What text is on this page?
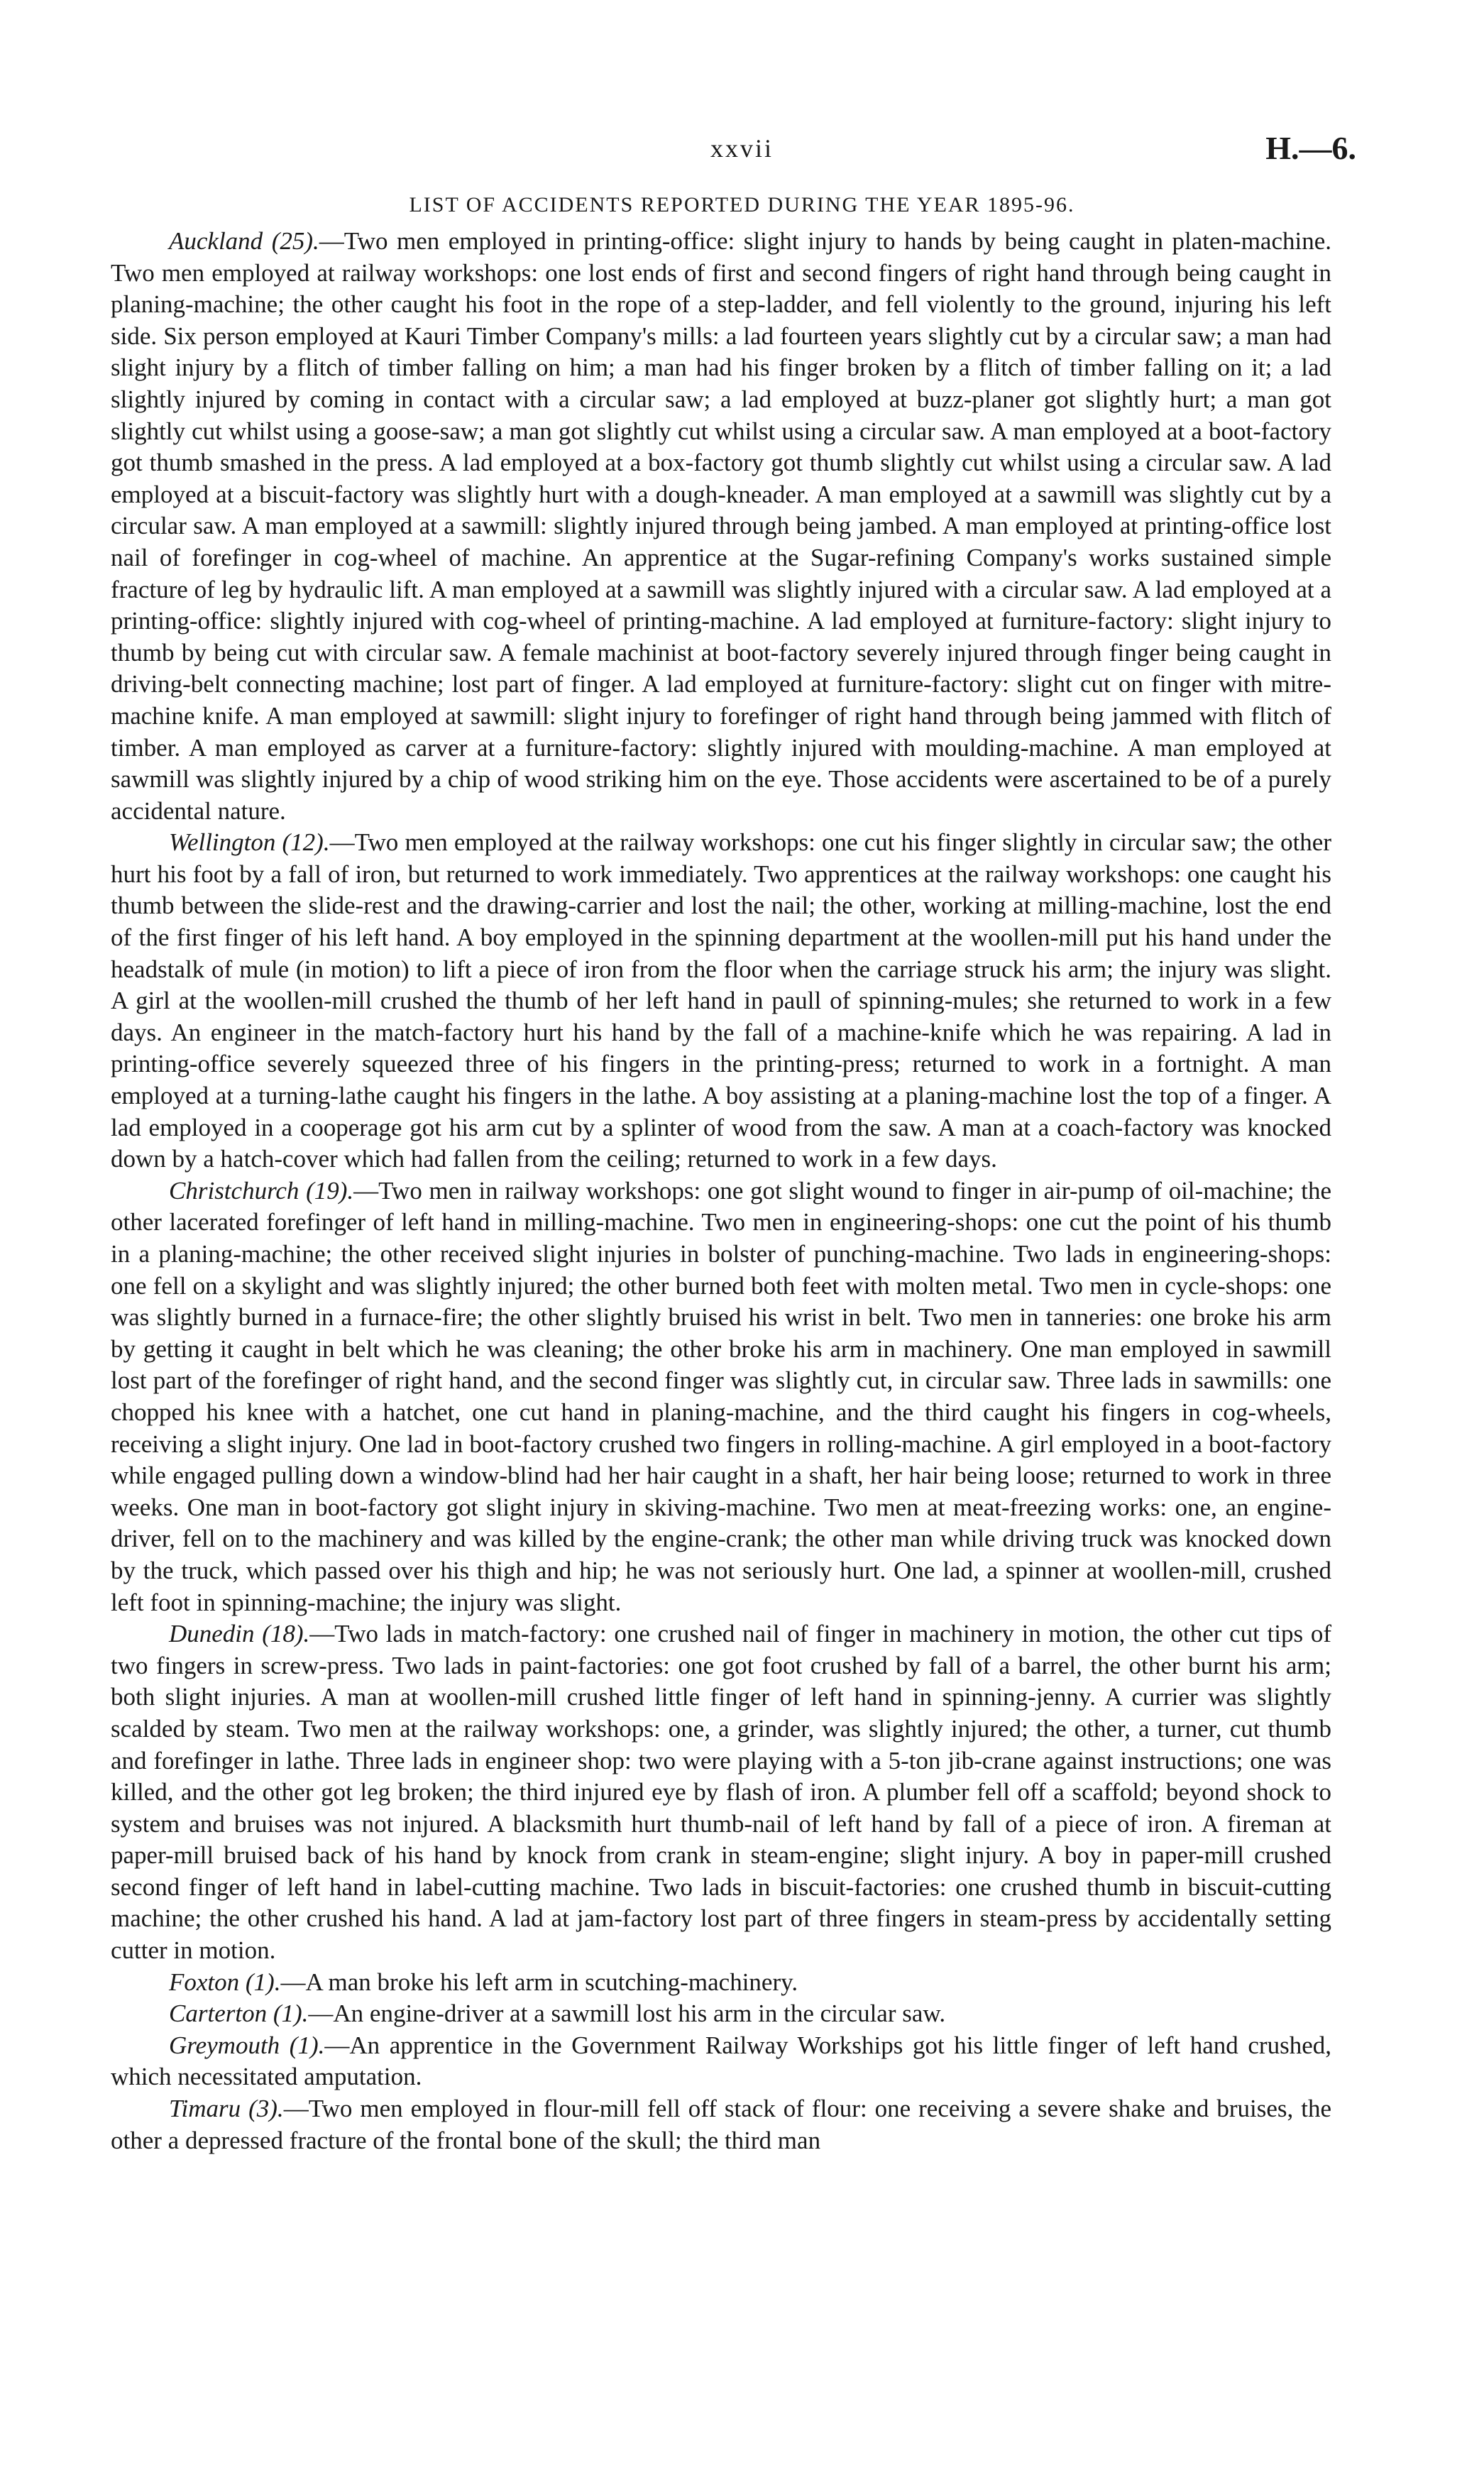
xxvii	H.—6.
LIST OF ACCIDENTS REPORTED DURING THE YEAR 1895-96.

Auckland (25).—Two men employed in printing-office: slight injury to hands by being caught in platen-machine. Two men employed at railway workshops: one lost ends of first and second fingers of right hand through being caught in planing-machine; the other caught his foot in the rope of a step-ladder, and fell violently to the ground, injuring his left side. Six person employed at Kauri Timber Company's mills: a lad fourteen years slightly cut by a circular saw; a man had slight injury by a flitch of timber falling on him; a man had his finger broken by a flitch of timber falling on it; a lad slightly injured by coming in contact with a circular saw; a lad employed at buzz-planer got slightly hurt; a man got slightly cut whilst using a goose-saw; a man got slightly cut whilst using a circular saw. A man employed at a boot-factory got thumb smashed in the press. A lad employed at a box-factory got thumb slightly cut whilst using a circular saw. A lad employed at a biscuit-factory was slightly hurt with a dough-kneader. A man employed at a sawmill was slightly cut by a circular saw. A man employed at a sawmill: slightly injured through being jambed. A man employed at printing-office lost nail of forefinger in cog-wheel of machine. An apprentice at the Sugar-refining Company's works sustained simple fracture of leg by hydraulic lift. A man employed at a sawmill was slightly injured with a circular saw. A lad employed at a printing-office: slightly injured with cog-wheel of printing-machine. A lad employed at furniture-factory: slight injury to thumb by being cut with circular saw. A female machinist at boot-factory severely injured through finger being caught in driving-belt connecting machine; lost part of finger. A lad employed at furniture-factory: slight cut on finger with mitre-machine knife. A man employed at sawmill: slight injury to forefinger of right hand through being jammed with flitch of timber. A man employed as carver at a furniture-factory: slightly injured with moulding-machine. A man employed at sawmill was slightly injured by a chip of wood striking him on the eye. Those accidents were ascertained to be of a purely accidental nature.

Wellington (12).—Two men employed at the railway workshops: one cut his finger slightly in circular saw; the other hurt his foot by a fall of iron, but returned to work immediately. Two apprentices at the railway workshops: one caught his thumb between the slide-rest and the drawing-carrier and lost the nail; the other, working at milling-machine, lost the end of the first finger of his left hand. A boy employed in the spinning department at the woollen-mill put his hand under the headstalk of mule (in motion) to lift a piece of iron from the floor when the carriage struck his arm; the injury was slight. A girl at the woollen-mill crushed the thumb of her left hand in paull of spinning-mules; she returned to work in a few days. An engineer in the match-factory hurt his hand by the fall of a machine-knife which he was repairing. A lad in printing-office severely squeezed three of his fingers in the printing-press; returned to work in a fortnight. A man employed at a turning-lathe caught his fingers in the lathe. A boy assisting at a planing-machine lost the top of a finger. A lad employed in a cooperage got his arm cut by a splinter of wood from the saw. A man at a coach-factory was knocked down by a hatch-cover which had fallen from the ceiling; returned to work in a few days.

Christchurch (19).—Two men in railway workshops: one got slight wound to finger in air-pump of oil-machine; the other lacerated forefinger of left hand in milling-machine. Two men in engineering-shops: one cut the point of his thumb in a planing-machine; the other received slight injuries in bolster of punching-machine. Two lads in engineering-shops: one fell on a skylight and was slightly injured; the other burned both feet with molten metal. Two men in cycle-shops: one was slightly burned in a furnace-fire; the other slightly bruised his wrist in belt. Two men in tanneries: one broke his arm by getting it caught in belt which he was cleaning; the other broke his arm in machinery. One man employed in sawmill lost part of the forefinger of right hand, and the second finger was slightly cut, in circular saw. Three lads in sawmills: one chopped his knee with a hatchet, one cut hand in planing-machine, and the third caught his fingers in cog-wheels, receiving a slight injury. One lad in boot-factory crushed two fingers in rolling-machine. A girl employed in a boot-factory while engaged pulling down a window-blind had her hair caught in a shaft, her hair being loose; returned to work in three weeks. One man in boot-factory got slight injury in skiving-machine. Two men at meat-freezing works: one, an engine-driver, fell on to the machinery and was killed by the engine-crank; the other man while driving truck was knocked down by the truck, which passed over his thigh and hip; he was not seriously hurt. One lad, a spinner at woollen-mill, crushed left foot in spinning-machine; the injury was slight.

Dunedin (18).—Two lads in match-factory: one crushed nail of finger in machinery in motion, the other cut tips of two fingers in screw-press. Two lads in paint-factories: one got foot crushed by fall of a barrel, the other burnt his arm; both slight injuries. A man at woollen-mill crushed little finger of left hand in spinning-jenny. A currier was slightly scalded by steam. Two men at the railway workshops: one, a grinder, was slightly injured; the other, a turner, cut thumb and forefinger in lathe. Three lads in engineer shop: two were playing with a 5-ton jib-crane against instructions; one was killed, and the other got leg broken; the third injured eye by flash of iron. A plumber fell off a scaffold; beyond shock to system and bruises was not injured. A blacksmith hurt thumb-nail of left hand by fall of a piece of iron. A fireman at paper-mill bruised back of his hand by knock from crank in steam-engine; slight injury. A boy in paper-mill crushed second finger of left hand in label-cutting machine. Two lads in biscuit-factories: one crushed thumb in biscuit-cutting machine; the other crushed his hand. A lad at jam-factory lost part of three fingers in steam-press by accidentally setting cutter in motion.

Foxton (1).—A man broke his left arm in scutching-machinery.

Carterton (1).—An engine-driver at a sawmill lost his arm in the circular saw.

Greymouth (1).—An apprentice in the Government Railway Workships got his little finger of left hand crushed, which necessitated amputation.

Timaru (3).—Two men employed in flour-mill fell off stack of flour: one receiving a severe shake and bruises, the other a depressed fracture of the frontal bone of the skull; the third man
